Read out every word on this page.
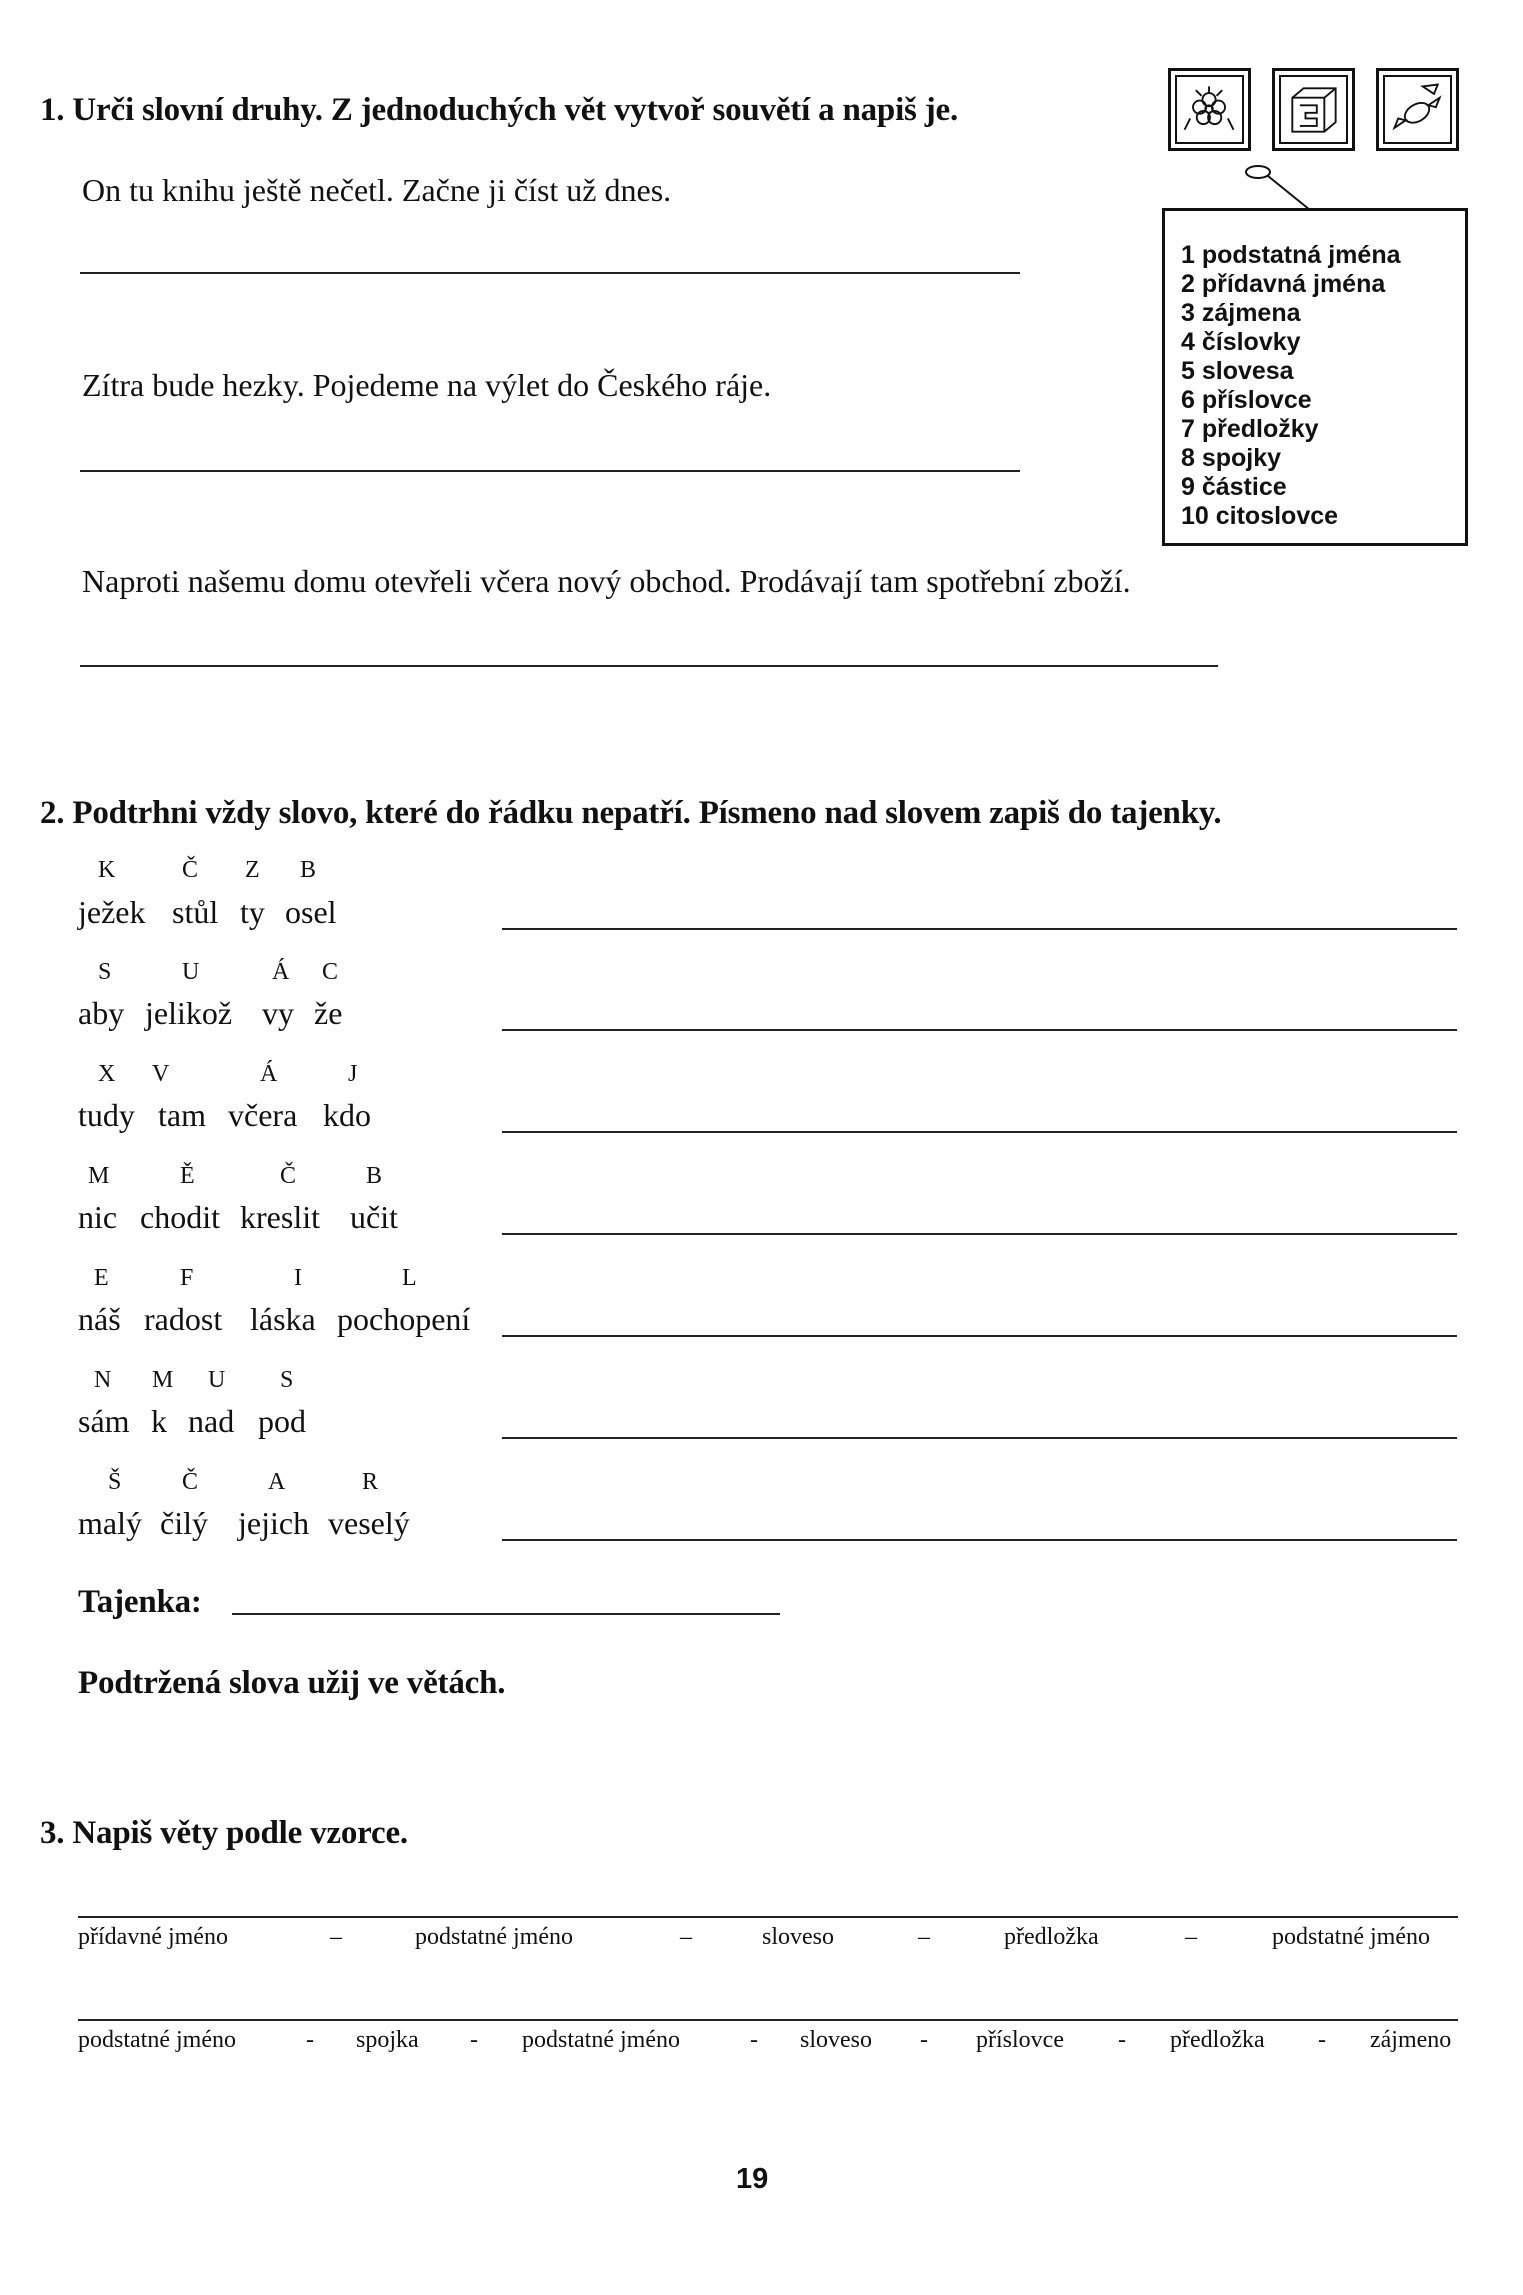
1. Urči slovní druhy. Z jednoduchých vět vytvoř souvětí a napiš je.
On tu knihu ještě nečetl. Začne ji číst už dnes.
Zítra bude hezky. Pojedeme na výlet do Českého ráje.
Naproti našemu domu otevřeli včera nový obchod. Prodávají tam spotřební zboží.
1 podstatná jména
2 přídavná jména
3 zájmena
4 číslovky
5 slovesa
6 příslovce
7 předložky
8 spojky
9 částice
10 citoslovce
2. Podtrhni vždy slovo, které do řádku nepatří. Písmeno nad slovem zapiš do tajenky.
K	Č Z B
ježek stůl ty osel
S	U	Á C
aby jelikož vy že
X V	Á	J
tudy tam včera kdo
M	Ě	Č	B
nic chodit kreslit učit
E	F	I	L
náš radost láska pochopení
N M U S
sám k nad pod
Š	Č	A	R
malý čilý jejich veselý
Tajenka:
Podtržená slova užij ve větách.
3. Napiš věty podle vzorce.
přídavné jméno	–	podstatné jméno	–	sloveso	–	předložka	–	podstatné jméno
podstatné jméno	- spojka - podstatné jméno	- sloveso - příslovce - předložka - zájmeno
19
